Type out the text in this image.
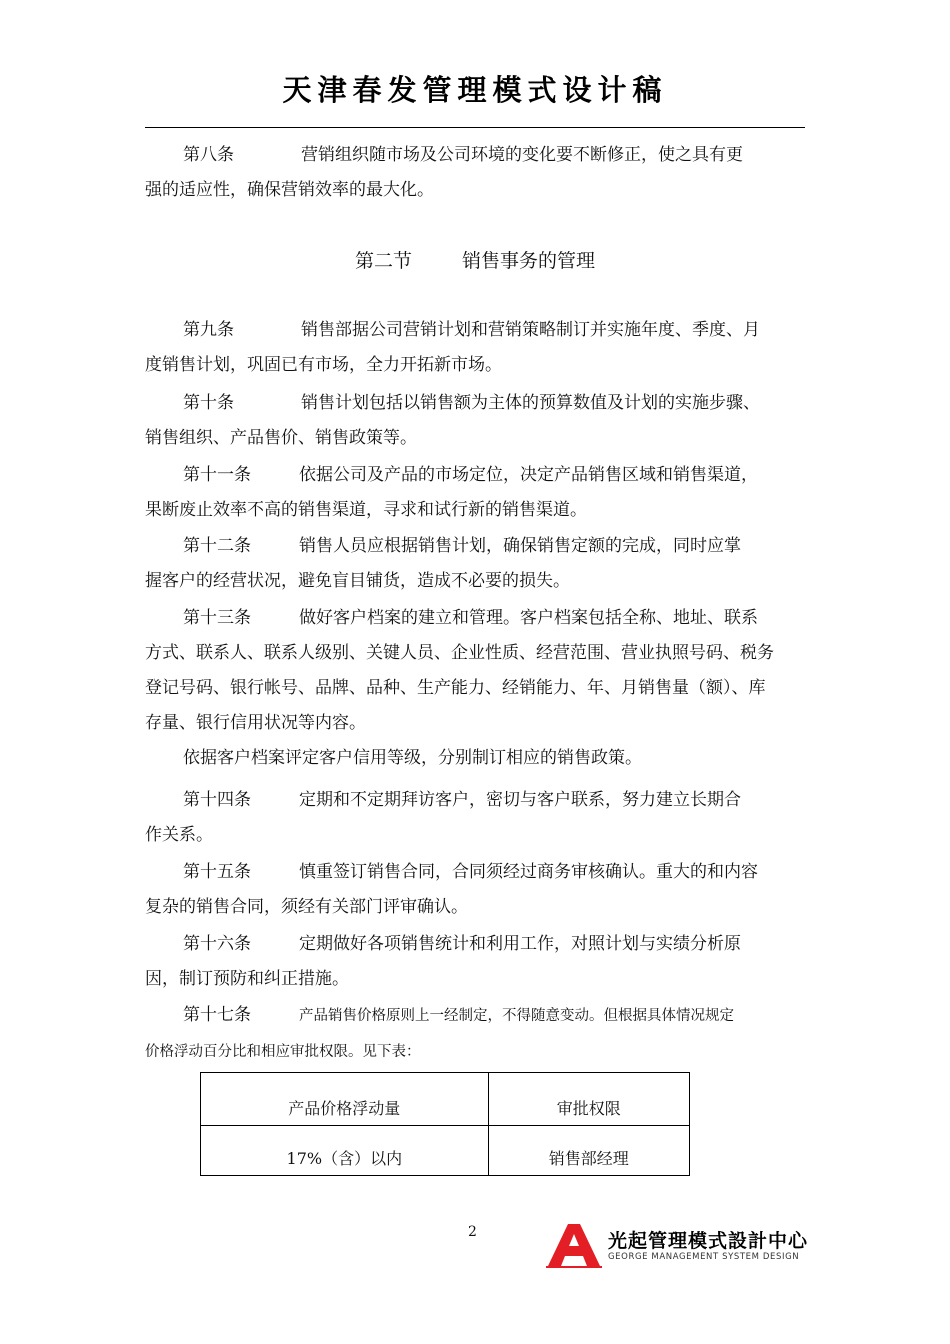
天津春发管理模式设计稿
第八条	营销组织随市场及公司环境的变化要不断修正，使之具有更
强的适应性，确保营销效率的最大化。
第二节	销售事务的管理
第九条	销售部据公司营销计划和营销策略制订并实施年度、季度、月
度销售计划，巩固已有市场，全力开拓新市场。
第十条	销售计划包括以销售额为主体的预算数值及计划的实施步骤、
销售组织、产品售价、销售政策等。
第十一条	依据公司及产品的市场定位，决定产品销售区域和销售渠道，
果断废止效率不高的销售渠道，寻求和试行新的销售渠道。
第十二条	销售人员应根据销售计划，确保销售定额的完成，同时应掌
握客户的经营状况，避免盲目铺货，造成不必要的损失。
第十三条	做好客户档案的建立和管理。客户档案包括全称、地址、联系
方式、联系人、联系人级别、关键人员、企业性质、经营范围、营业执照号码、税务
登记号码、银行帐号、品牌、品种、生产能力、经销能力、年、月销售量（额）、库
存量、银行信用状况等内容。
依据客户档案评定客户信用等级，分别制订相应的销售政策。
第十四条	定期和不定期拜访客户，密切与客户联系，努力建立长期合
作关系。
第十五条	慎重签订销售合同，合同须经过商务审核确认。重大的和内容
复杂的销售合同，须经有关部门评审确认。
第十六条	定期做好各项销售统计和利用工作，对照计划与实绩分析原
因，制订预防和纠正措施。
第十七条	产品销售价格原则上一经制定，不得随意变动。但根据具体情况规定
价格浮动百分比和相应审批权限。见下表：
产品价格浮动量	审批权限
17%（含）以内	销售部经理
2	光起管理模式設計中心
GEORGE MANAGEMENT SYSTEM DESIGN
